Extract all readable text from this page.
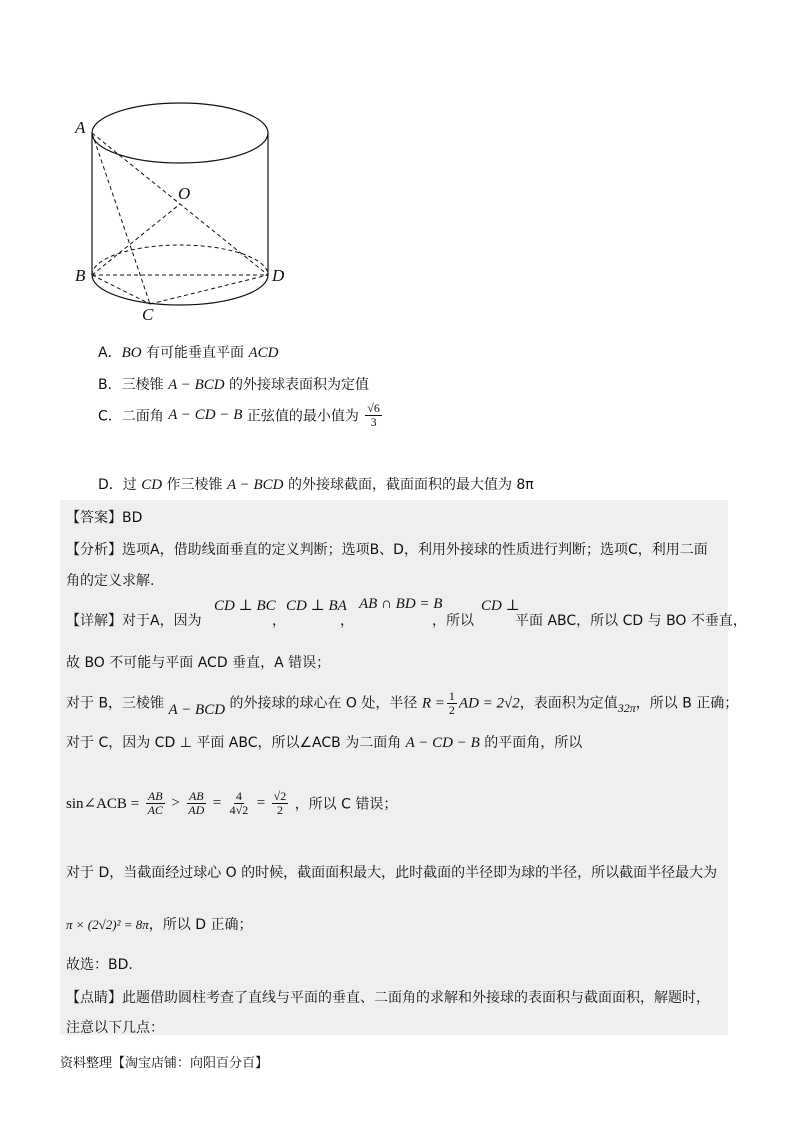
A
O
B	D
C
A．BO 有可能垂直平面 ACD
B．三棱锥 A − BCD 的外接球表面积为定值
C．二面角 A − CD − B 正弦值的最小值为 $\frac{√6}{3}$
D．过 CD 作三棱锥 A − BCD 的外接球截面，截面面积的最大值为 8π
【答案】BD
【分析】选项A，借助线面垂直的定义判断；选项B、D，利用外接球的性质进行判断；选项C，利用二面
角的定义求解.
【详解】对于A，因为
CD ⊥ BC
，
CD ⊥ BA
，
AB ∩ BD = B
，所以
CD ⊥
平面 ABC，所以 CD 与 BO 不垂直，
故 BO 不可能与平面 ACD 垂直，A 错误；
对于 B，三棱锥 A − BCD 的外接球的球心在 O 处，半径 $R = \frac{1}{2}$ AD = 2√2，表面积为定值32π，所以 B 正确；
对于 C，因为 CD ⊥ 平面 ABC，所以∠ACB 为二面角 A − CD − B 的平面角，所以
sin∠ACB = $\frac{AB}{AC} > \frac{AB}{AD} = \frac{4}{4√2} = \frac{√2}{2}$ ，所以 C 错误；
对于 D，当截面经过球心 O 的时候，截面面积最大，此时截面的半径即为球的半径，所以截面半径最大为
π × (2√2)² = 8π，所以 D 正确；
故选：BD.
【点睛】此题借助圆柱考查了直线与平面的垂直、二面角的求解和外接球的表面积与截面面积，解题时，
注意以下几点：
资料整理【淘宝店铺：向阳百分百】
